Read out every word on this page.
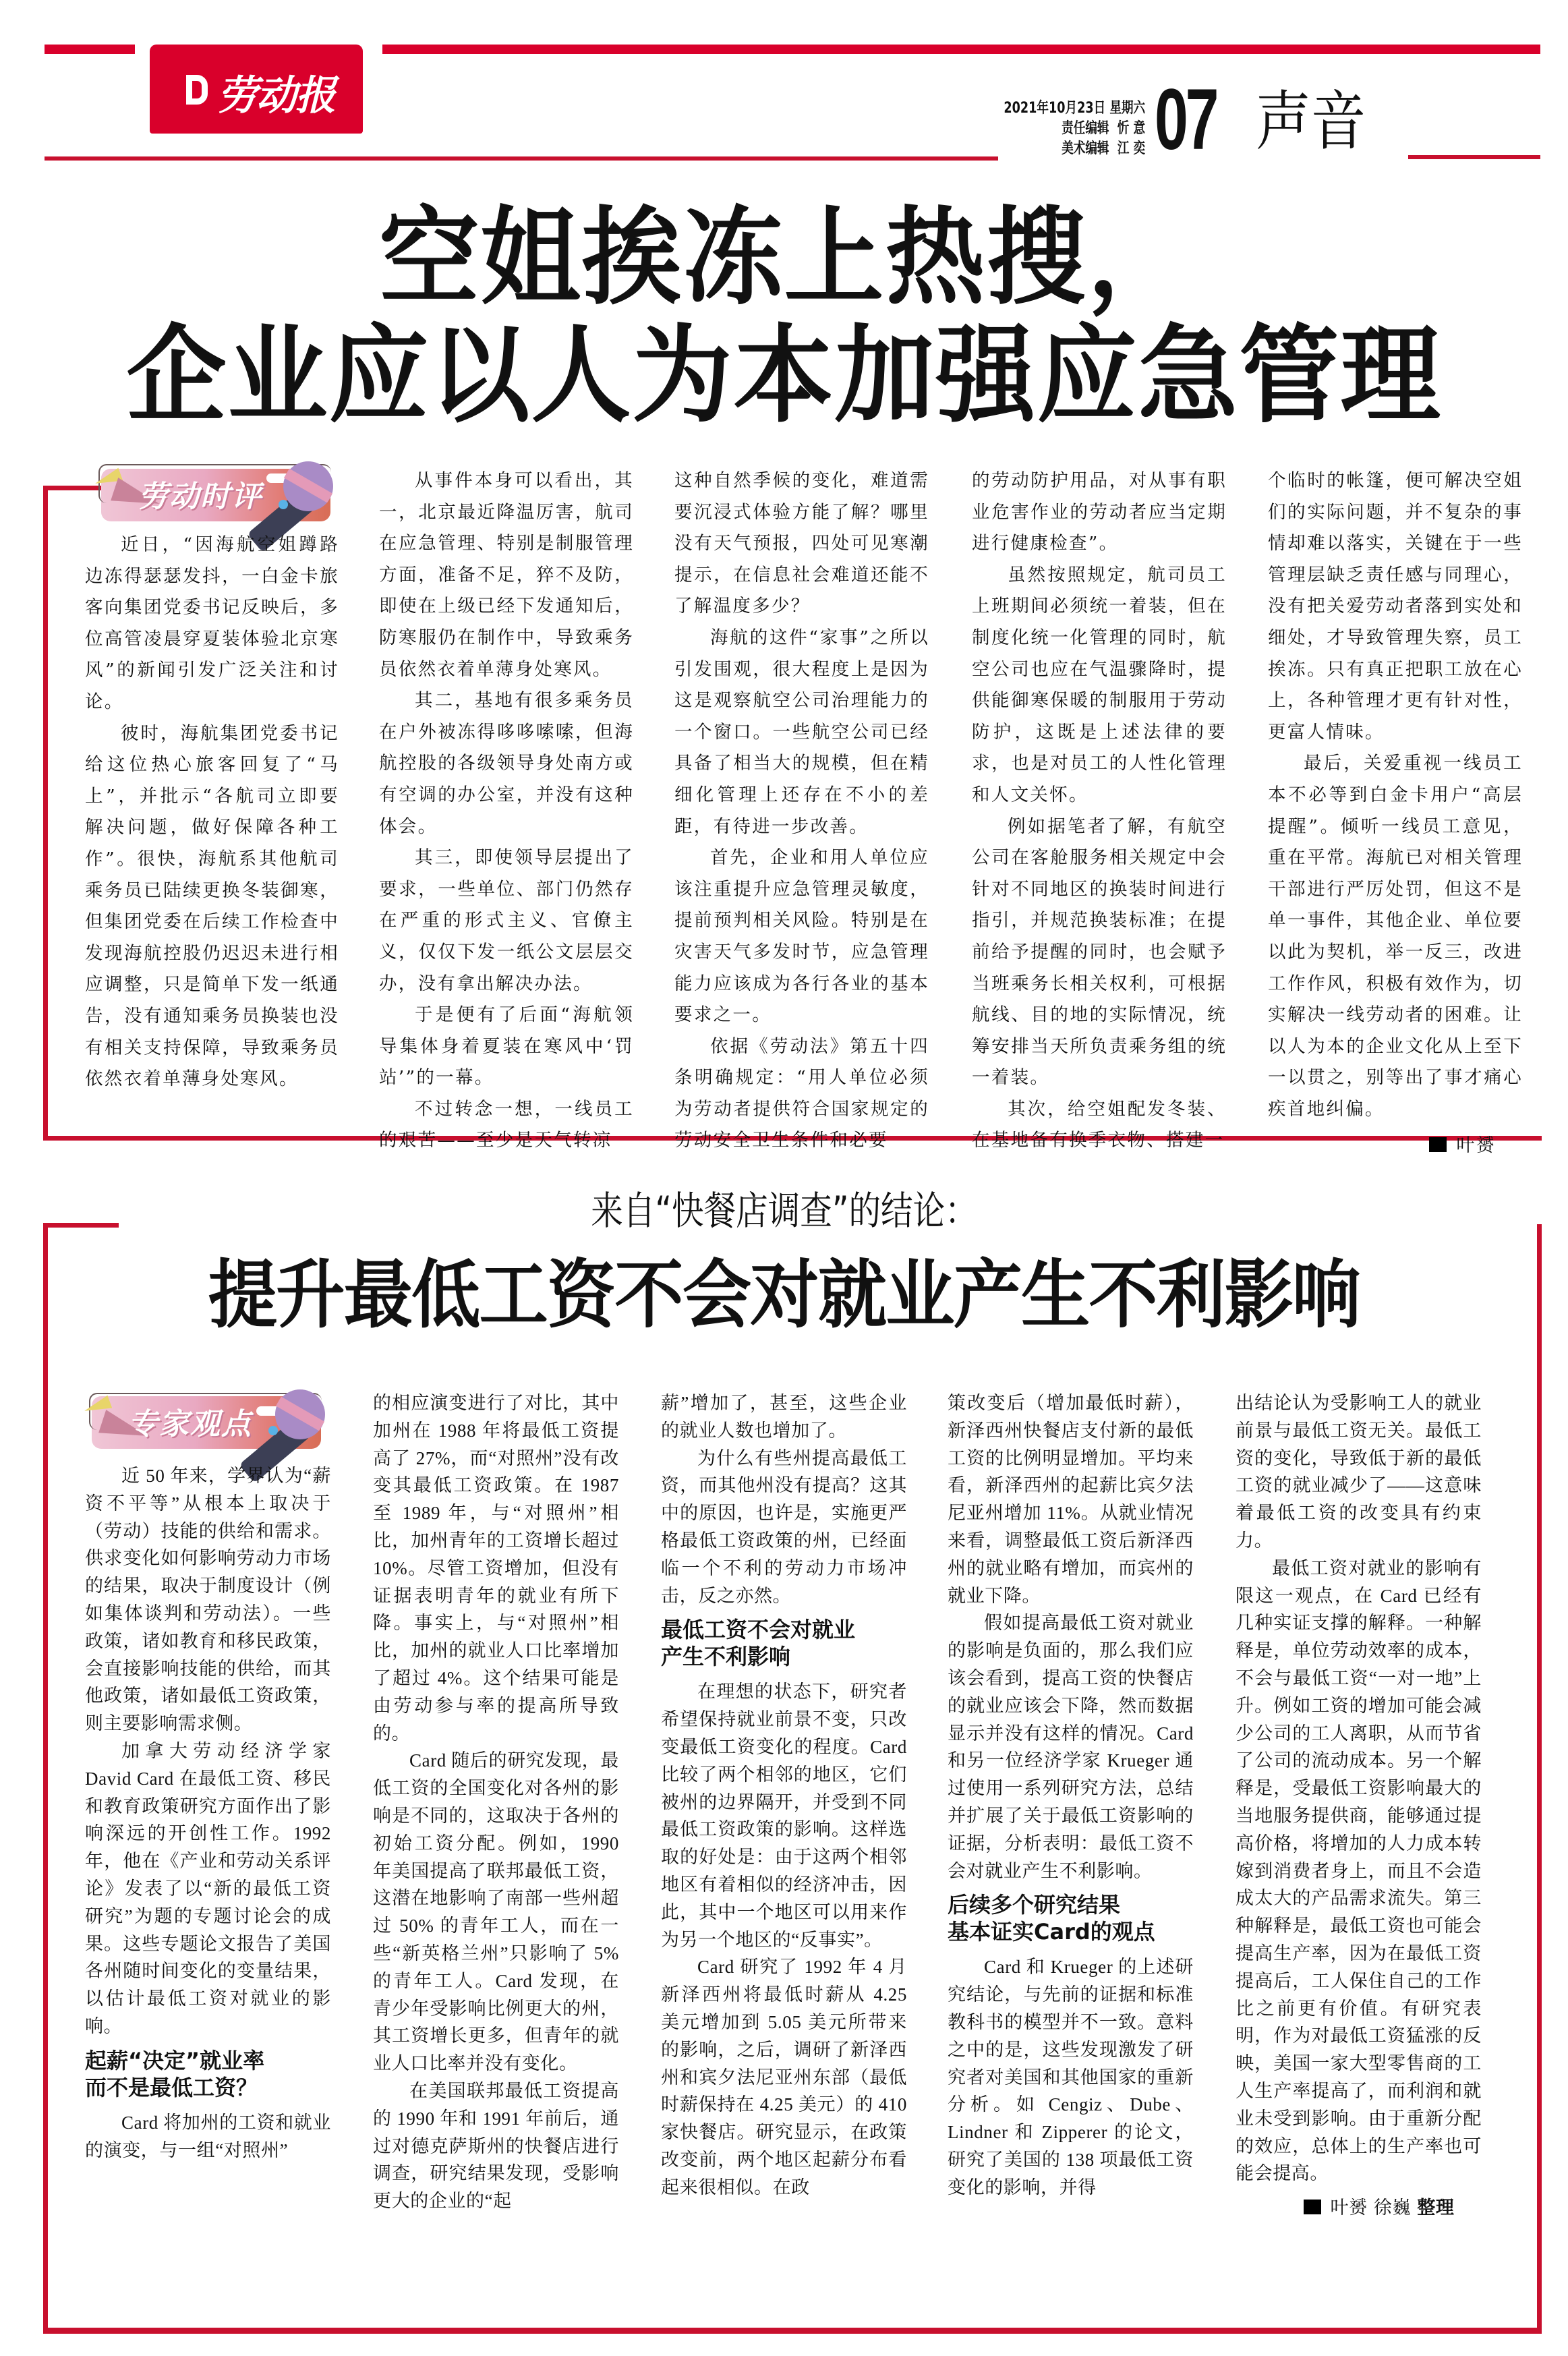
劳动报	2021年10月23日 星期六
责任编辑 忻 意
美术编辑 江 奕 07 声音
空姐挨冻上热搜，
企业应以人为本加强应急管理
劳动时评

近日，“因海航空姐蹲路边冻得瑟瑟发抖，一白金卡旅客向集团党委书记反映后，多位高管凌晨穿夏装体验北京寒风”的新闻引发广泛关注和讨论。

彼时，海航集团党委书记给这位热心旅客回复了“马上”，并批示“各航司立即要解决问题，做好保障各种工作”。很快，海航系其他航司乘务员已陆续更换冬装御寒，但集团党委在后续工作检查中发现海航控股仍迟迟未进行相应调整，只是简单下发一纸通告，没有通知乘务员换装也没有相关支持保障，导致乘务员依然衣着单薄身处寒风。

从事件本身可以看出，其一，北京最近降温厉害，航司在应急管理、特别是制服管理方面，准备不足，猝不及防，即使在上级已经下发通知后，防寒服仍在制作中，导致乘务员依然衣着单薄身处寒风。

其二，基地有很多乘务员在户外被冻得哆哆嗦嗦，但海航控股的各级领导身处南方或有空调的办公室，并没有这种体会。

其三，即使领导层提出了要求，一些单位、部门仍然存在严重的形式主义、官僚主义，仅仅下发一纸公文层层交办，没有拿出解决办法。

于是便有了后面“海航领导集体身着夏装在寒风中‘罚站’”的一幕。

不过转念一想，一线员工的艰苦——至少是天气转凉

这种自然季候的变化，难道需要沉浸式体验方能了解？哪里没有天气预报，四处可见寒潮提示，在信息社会难道还能不了解温度多少？

海航的这件“家事”之所以引发围观，很大程度上是因为这是观察航空公司治理能力的一个窗口。一些航空公司已经具备了相当大的规模，但在精细化管理上还存在不小的差距，有待进一步改善。

首先，企业和用人单位应该注重提升应急管理灵敏度，提前预判相关风险。特别是在灾害天气多发时节，应急管理能力应该成为各行各业的基本要求之一。

依据《劳动法》第五十四条明确规定：“用人单位必须为劳动者提供符合国家规定的劳动安全卫生条件和必要

的劳动防护用品，对从事有职业危害作业的劳动者应当定期进行健康检查”。

虽然按照规定，航司员工上班期间必须统一着装，但在制度化统一化管理的同时，航空公司也应在气温骤降时，提供能御寒保暖的制服用于劳动防护，这既是上述法律的要求，也是对员工的人性化管理和人文关怀。

例如据笔者了解，有航空公司在客舱服务相关规定中会针对不同地区的换装时间进行指引，并规范换装标准；在提前给予提醒的同时，也会赋予当班乘务长相关权利，可根据航线、目的地的实际情况，统筹安排当天所负责乘务组的统一着装。

其次，给空姐配发冬装、在基地备有换季衣物、搭建一

个临时的帐篷，便可解决空姐们的实际问题，并不复杂的事情却难以落实，关键在于一些管理层缺乏责任感与同理心，没有把关爱劳动者落到实处和细处，才导致管理失察，员工挨冻。只有真正把职工放在心上，各种管理才更有针对性，更富人情味。

最后，关爱重视一线员工本不必等到白金卡用户“高层提醒”。倾听一线员工意见，重在平常。海航已对相关管理干部进行严厉处罚，但这不是单一事件，其他企业、单位要以此为契机，举一反三，改进工作作风，积极有效作为，切实解决一线劳动者的困难。让以人为本的企业文化从上至下一以贯之，别等出了事才痛心疾首地纠偏。

叶赟
来自“快餐店调查”的结论：
提升最低工资不会对就业产生不利影响
专家观点

近 50 年来，学界认为“薪资不平等”从根本上取决于（劳动）技能的供给和需求。供求变化如何影响劳动力市场的结果，取决于制度设计（例如集体谈判和劳动法）。一些政策，诸如教育和移民政策，会直接影响技能的供给，而其他政策，诸如最低工资政策，则主要影响需求侧。

加拿大劳动经济学家 David Card 在最低工资、移民和教育政策研究方面作出了影响深远的开创性工作。1992 年，他在《产业和劳动关系评论》发表了以“新的最低工资研究”为题的专题讨论会的成果。这些专题论文报告了美国各州随时间变化的变量结果，以估计最低工资对就业的影响。

起薪“决定”就业率
而不是最低工资？

Card 将加州的工资和就业的演变，与一组“对照州”

的相应演变进行了对比，其中加州在 1988 年将最低工资提高了 27%，而“对照州”没有改变其最低工资政策。在 1987 至 1989 年，与“对照州”相比，加州青年的工资增长超过 10%。尽管工资增加，但没有证据表明青年的就业有所下降。事实上，与“对照州”相比，加州的就业人口比率增加了超过 4%。这个结果可能是由劳动参与率的提高所导致的。

Card 随后的研究发现，最低工资的全国变化对各州的影响是不同的，这取决于各州的初始工资分配。例如，1990 年美国提高了联邦最低工资，这潜在地影响了南部一些州超过 50% 的青年工人，而在一些“新英格兰州”只影响了 5% 的青年工人。Card 发现，在青少年受影响比例更大的州，其工资增长更多，但青年的就业人口比率并没有变化。

在美国联邦最低工资提高的 1990 年和 1991 年前后，通过对德克萨斯州的快餐店进行调查，研究结果发现，受影响更大的企业的“起

薪”增加了，甚至，这些企业的就业人数也增加了。

为什么有些州提高最低工资，而其他州没有提高？这其中的原因，也许是，实施更严格最低工资政策的州，已经面临一个不利的劳动力市场冲击，反之亦然。

最低工资不会对就业
产生不利影响

在理想的状态下，研究者希望保持就业前景不变，只改变最低工资变化的程度。Card 比较了两个相邻的地区，它们被州的边界隔开，并受到不同最低工资政策的影响。这样选取的好处是：由于这两个相邻地区有着相似的经济冲击，因此，其中一个地区可以用来作为另一个地区的“反事实”。

Card 研究了 1992 年 4 月新泽西州将最低时薪从 4.25 美元增加到 5.05 美元所带来的影响，之后，调研了新泽西州和宾夕法尼亚州东部（最低时薪保持在 4.25 美元）的 410 家快餐店。研究显示，在政策改变前，两个地区起薪分布看起来很相似。在政

策改变后（增加最低时薪），新泽西州快餐店支付新的最低工资的比例明显增加。平均来看，新泽西州的起薪比宾夕法尼亚州增加 11%。从就业情况来看，调整最低工资后新泽西州的就业略有增加，而宾州的就业下降。

假如提高最低工资对就业的影响是负面的，那么我们应该会看到，提高工资的快餐店的就业应该会下降，然而数据显示并没有这样的情况。Card 和另一位经济学家 Krueger 通过使用一系列研究方法，总结并扩展了关于最低工资影响的证据，分析表明：最低工资不会对就业产生不利影响。

后续多个研究结果
基本证实Card的观点

Card 和 Krueger 的上述研究结论，与先前的证据和标准教科书的模型并不一致。意料之中的是，这些发现激发了研究者对美国和其他国家的重新分析。如 Cengiz、Dube、Lindner 和 Zipperer 的论文，研究了美国的 138 项最低工资变化的影响，并得

出结论认为受影响工人的就业前景与最低工资无关。最低工资的变化，导致低于新的最低工资的就业减少了——这意味着最低工资的改变具有约束力。

最低工资对就业的影响有限这一观点，在 Card 已经有几种实证支撑的解释。一种解释是，单位劳动效率的成本，不会与最低工资“一对一地”上升。例如工资的增加可能会减少公司的工人离职，从而节省了公司的流动成本。另一个解释是，受最低工资影响最大的当地服务提供商，能够通过提高价格，将增加的人力成本转嫁到消费者身上，而且不会造成太大的产品需求流失。第三种解释是，最低工资也可能会提高生产率，因为在最低工资提高后，工人保住自己的工作比之前更有价值。有研究表明，作为对最低工资猛涨的反映，美国一家大型零售商的工人生产率提高了，而利润和就业未受到影响。由于重新分配的效应，总体上的生产率也可能会提高。

叶赟 徐巍 整理
